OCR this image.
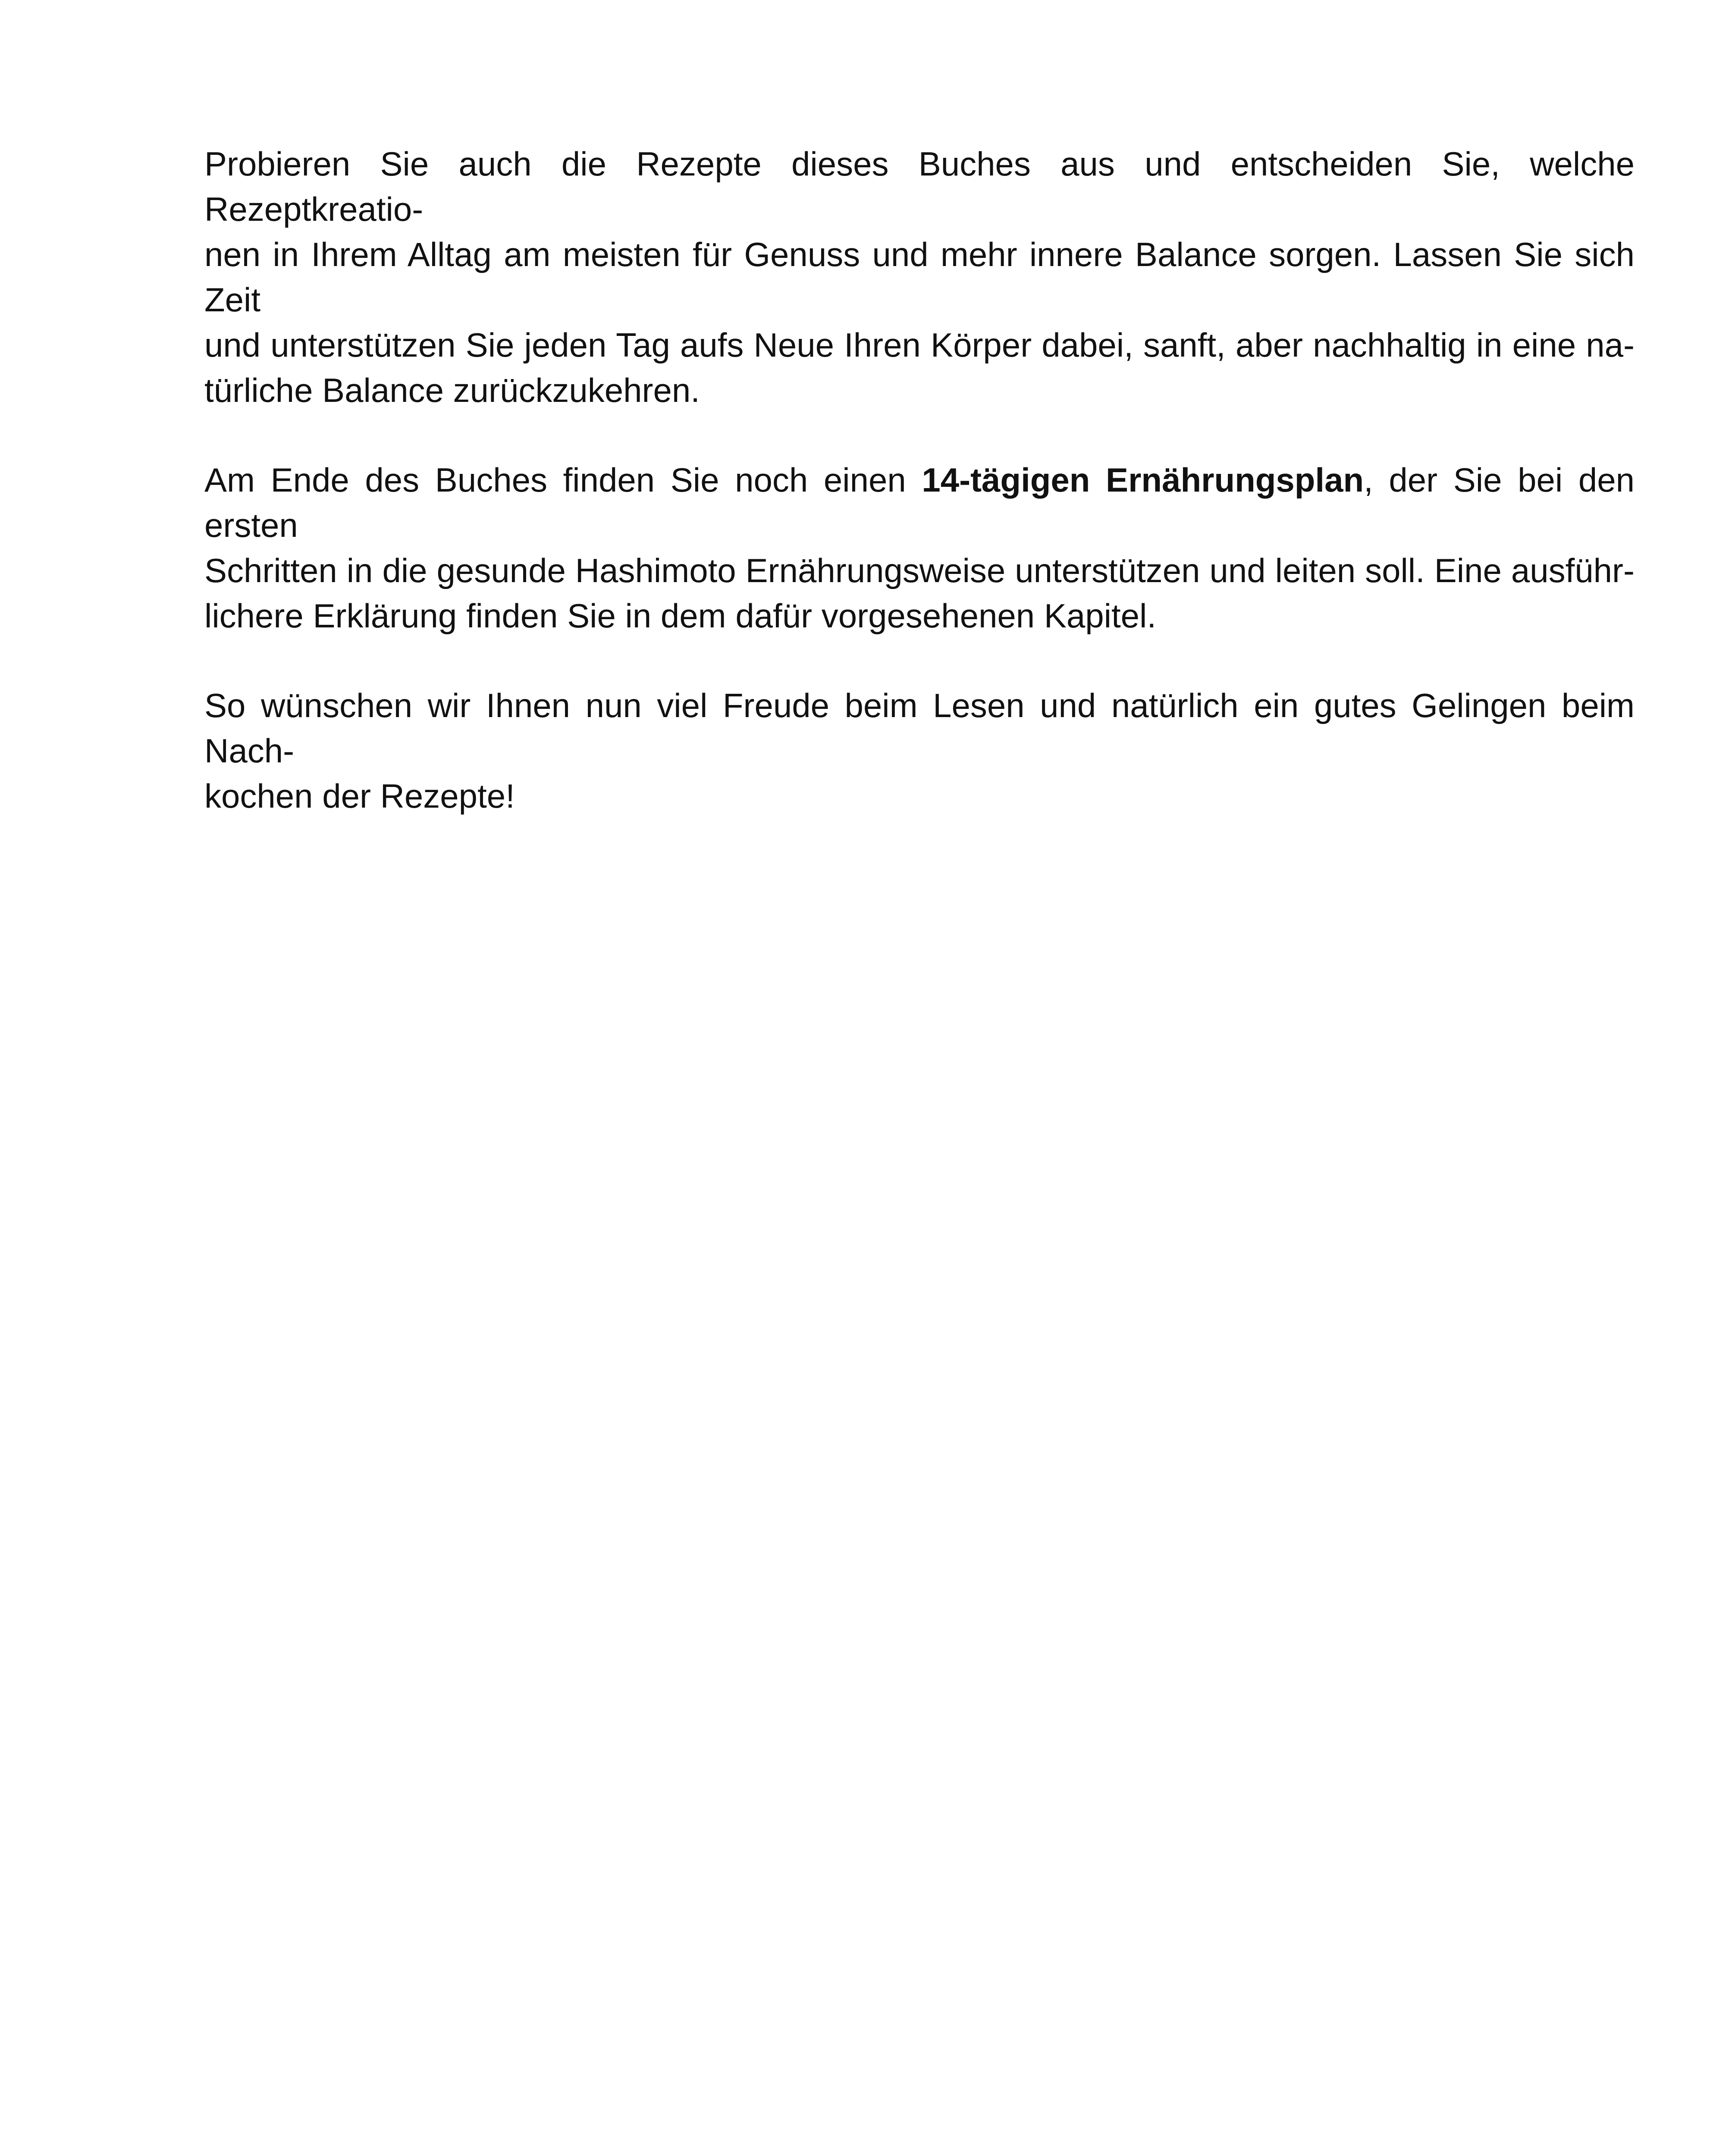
Probieren Sie auch die Rezepte dieses Buches aus und entscheiden Sie, welche Rezeptkreatio-
nen in Ihrem Alltag am meisten für Genuss und mehr innere Balance sorgen. Lassen Sie sich Zeit
und unterstützen Sie jeden Tag aufs Neue Ihren Körper dabei, sanft, aber nachhaltig in eine na-
türliche Balance zurückzukehren.

Am Ende des Buches finden Sie noch einen 14-tägigen Ernährungsplan, der Sie bei den ersten
Schritten in die gesunde Hashimoto Ernährungsweise unterstützen und leiten soll. Eine ausführ-
lichere Erklärung finden Sie in dem dafür vorgesehenen Kapitel.

So wünschen wir Ihnen nun viel Freude beim Lesen und natürlich ein gutes Gelingen beim Nach-
kochen der Rezepte!
